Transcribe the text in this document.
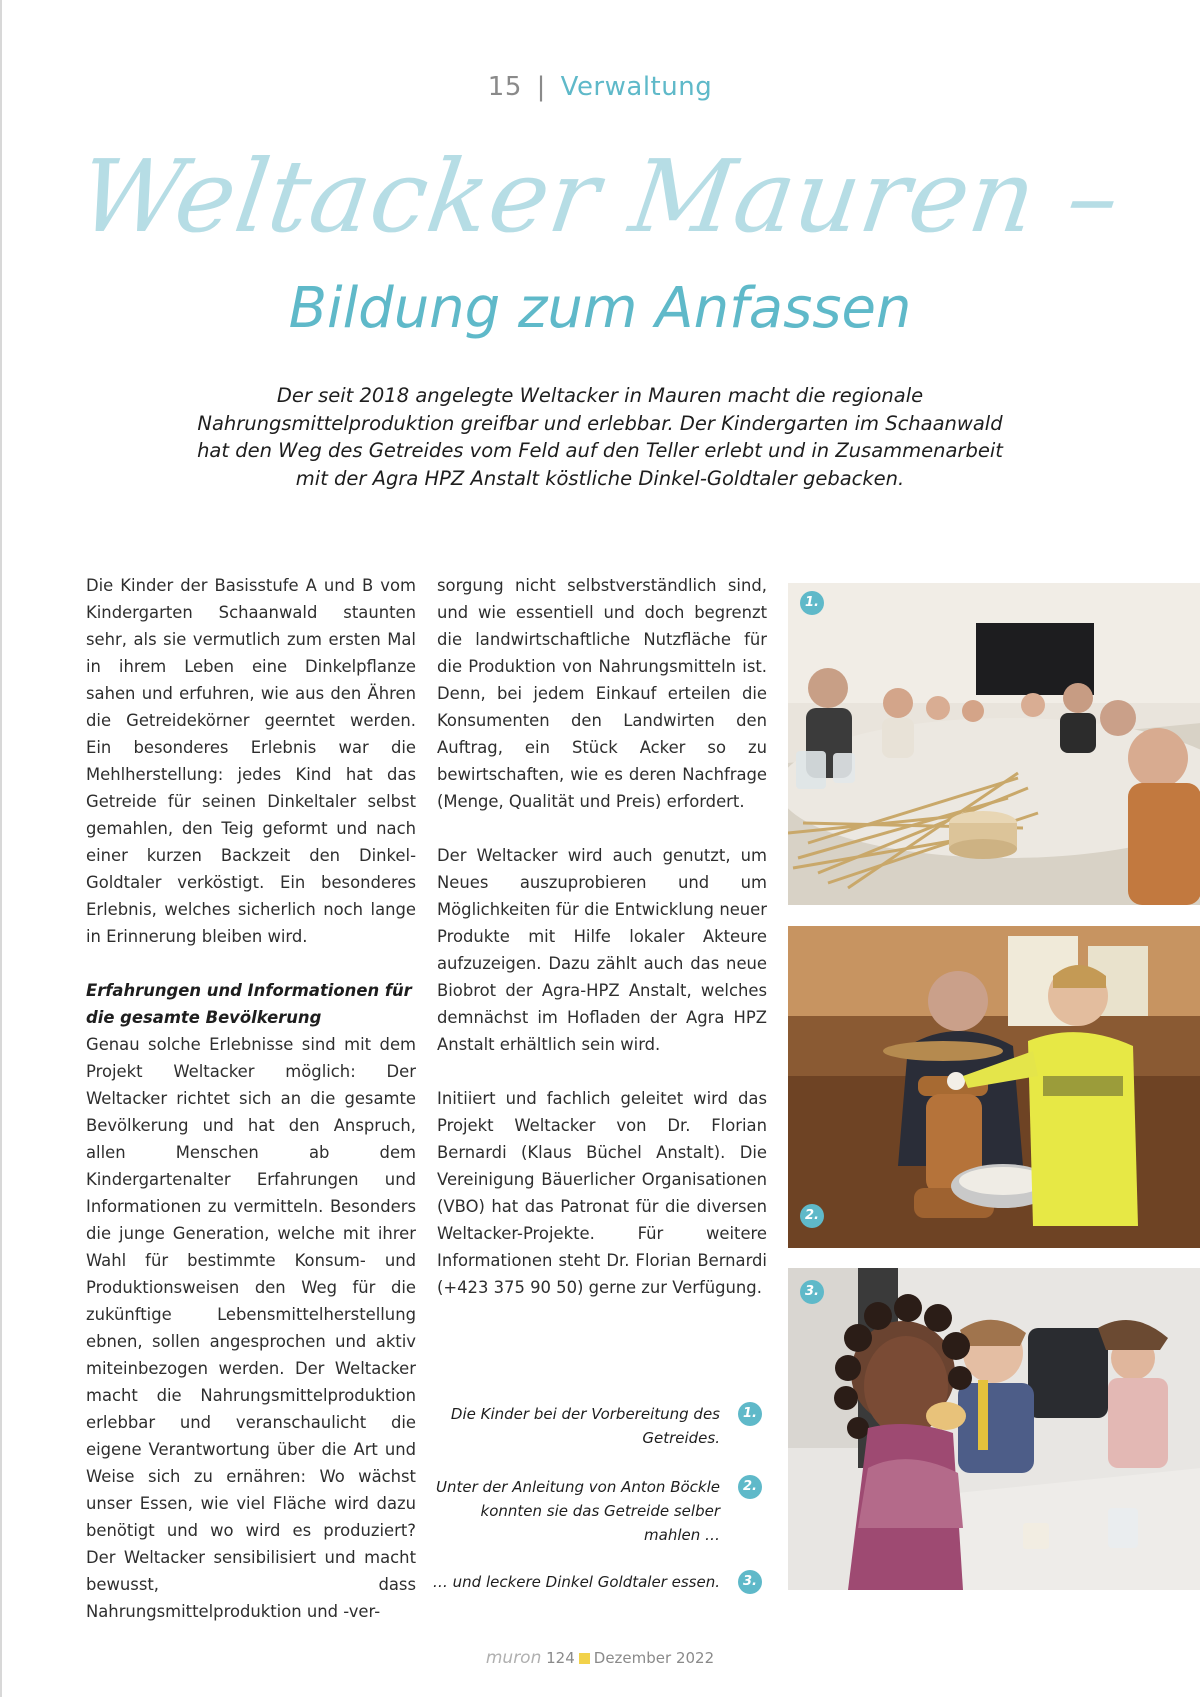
15 | Verwaltung
Weltacker Mauren –
Bildung zum Anfassen
Der seit 2018 angelegte Weltacker in Mauren macht die regionale Nahrungsmittelproduktion greifbar und erlebbar. Der Kindergarten im Schaanwald hat den Weg des Getreides vom Feld auf den Teller erlebt und in Zusammenarbeit mit der Agra HPZ Anstalt köstliche Dinkel-Goldtaler gebacken.

Die Kinder der Basisstufe A und B vom Kindergarten Schaanwald staunten sehr, als sie vermutlich zum ersten Mal in ihrem Leben eine Dinkelpflanze sahen und erfuhren, wie aus den Ähren die Getreidekörner geerntet werden. Ein besonderes Erlebnis war die Mehlherstellung: jedes Kind hat das Getreide für seinen Dinkeltaler selbst gemahlen, den Teig geformt und nach einer kurzen Backzeit den Dinkel-Goldtaler verköstigt. Ein besonderes Erlebnis, welches sicherlich noch lange in Erinnerung bleiben wird.

Erfahrungen und Informationen für die gesamte Bevölkerung

Genau solche Erlebnisse sind mit dem Projekt Weltacker möglich: Der Weltacker richtet sich an die gesamte Bevölkerung und hat den Anspruch, allen Menschen ab dem Kindergartenalter Erfahrungen und Informationen zu vermitteln. Besonders die junge Generation, welche mit ihrer Wahl für bestimmte Konsum- und Produktionsweisen den Weg für die zukünftige Lebensmittelherstellung ebnen, sollen angesprochen und aktiv miteinbezogen werden. Der Weltacker macht die Nahrungsmittelproduktion erlebbar und veranschaulicht die eigene Verantwortung über die Art und Weise sich zu ernähren: Wo wächst unser Essen, wie viel Fläche wird dazu benötigt und wo wird es produziert? Der Weltacker sensibilisiert und macht bewusst, dass Nahrungsmittelproduktion und -ver-

sorgung nicht selbstverständlich sind, und wie essentiell und doch begrenzt die landwirtschaftliche Nutzfläche für die Produktion von Nahrungsmitteln ist. Denn, bei jedem Einkauf erteilen die Konsumenten den Landwirten den Auftrag, ein Stück Acker so zu bewirtschaften, wie es deren Nachfrage (Menge, Qualität und Preis) erfordert.

Der Weltacker wird auch genutzt, um Neues auszuprobieren und um Möglichkeiten für die Entwicklung neuer Produkte mit Hilfe lokaler Akteure aufzuzeigen. Dazu zählt auch das neue Biobrot der Agra-HPZ Anstalt, welches demnächst im Hofladen der Agra HPZ Anstalt erhältlich sein wird.

Initiiert und fachlich geleitet wird das Projekt Weltacker von Dr. Florian Bernardi (Klaus Büchel Anstalt). Die Vereinigung Bäuerlicher Organisationen (VBO) hat das Patronat für die diversen Weltacker-Projekte. Für weitere Informationen steht Dr. Florian Bernardi (+423 375 90 50) gerne zur Verfügung.

1.
2.
3.
Die Kinder bei der Vorbereitung des Getreides.
1.
Unter der Anleitung von Anton Böckle konnten sie das Getreide selber mahlen …
2.
… und leckere Dinkel Goldtaler essen.	3.
muron 124 Dezember 2022
